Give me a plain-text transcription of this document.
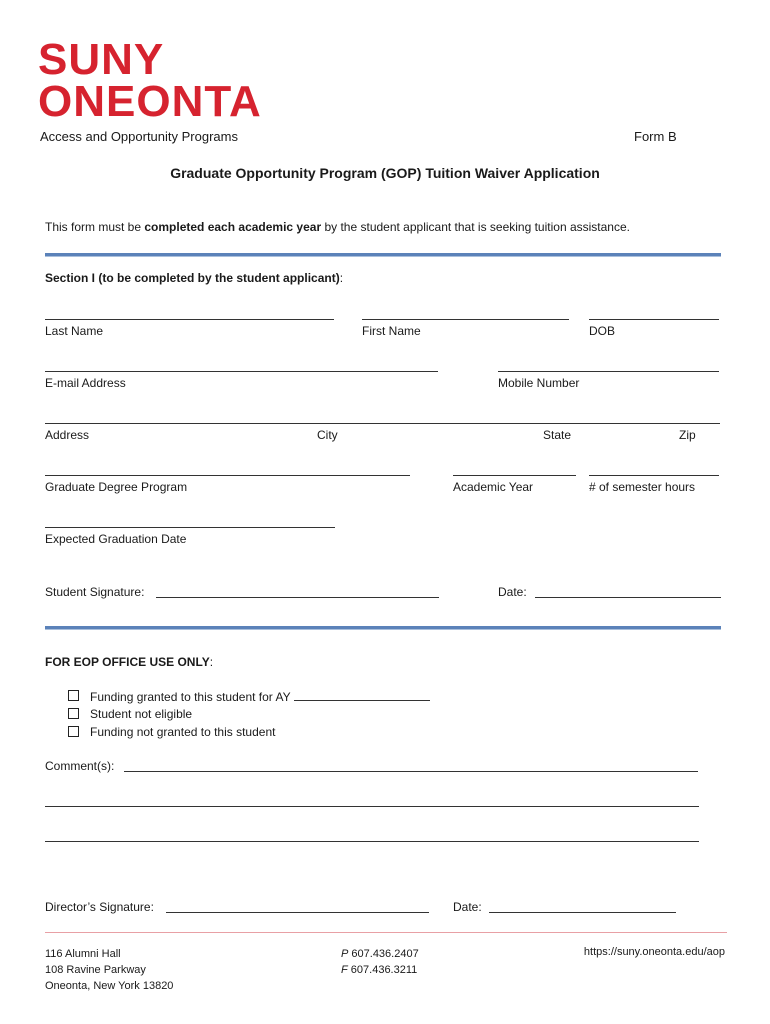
SUNY
ONEONTA
Access and Opportunity Programs	Form B
Graduate Opportunity Program (GOP) Tuition Waiver Application
This form must be completed each academic year by the student applicant that is seeking tuition assistance.
Section I (to be completed by the student applicant):
Last Name	First Name	DOB
E-mail Address	Mobile Number
Address	City	State	Zip
Graduate Degree Program	Academic Year	# of semester hours
Expected Graduation Date
Student Signature:	Date:
FOR EOP OFFICE USE ONLY:
Funding granted to this student for AY
Student not eligible
Funding not granted to this student
Comment(s):
Director’s Signature:	Date:
116 Alumni Hall
108 Ravine Parkway
Oneonta, New York 13820
P 607.436.2407
F 607.436.3211
https://suny.oneonta.edu/aop
